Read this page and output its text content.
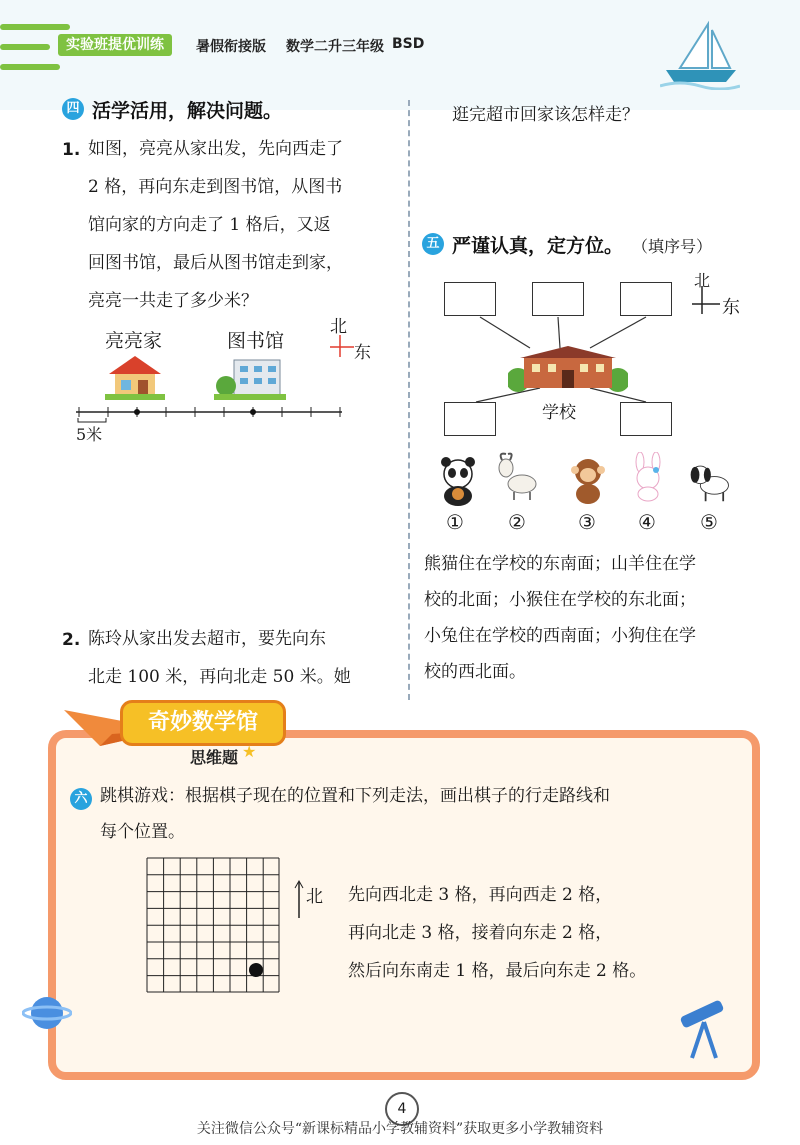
实验班提优训练	暑假衔接版 数学二升三年级 BSD
四 活学活用，解决问题。
1. 如图，亮亮从家出发，先向西走了
2 格，再向东走到图书馆，从图书
馆向家的方向走了 1 格后，又返
回图书馆，最后从图书馆走到家，
亮亮一共走了多少米？
亮亮家	图书馆
北
东
5米
2. 陈玲从家出发去超市，要先向东
北走 100 米，再向北走 50 米。她
逛完超市回家该怎样走？
五 严谨认真，定方位。 （填序号）
北
东
学校
① ②	③ ④ ⑤
熊猫住在学校的东南面；山羊住在学
校的北面；小猴住在学校的东北面；
小兔住在学校的西南面；小狗住在学
校的西北面。
奇妙数学馆
思维题 ★
六 跳棋游戏：根据棋子现在的位置和下列走法，画出棋子的行走路线和
每个位置。
北 先向西北走 3 格，再向西走 2 格，
再向北走 3 格，接着向东走 2 格，
然后向东南走 1 格，最后向东走 2 格。
4
关注微信公众号“新课标精品小学教辅资料”获取更多小学教辅资料
